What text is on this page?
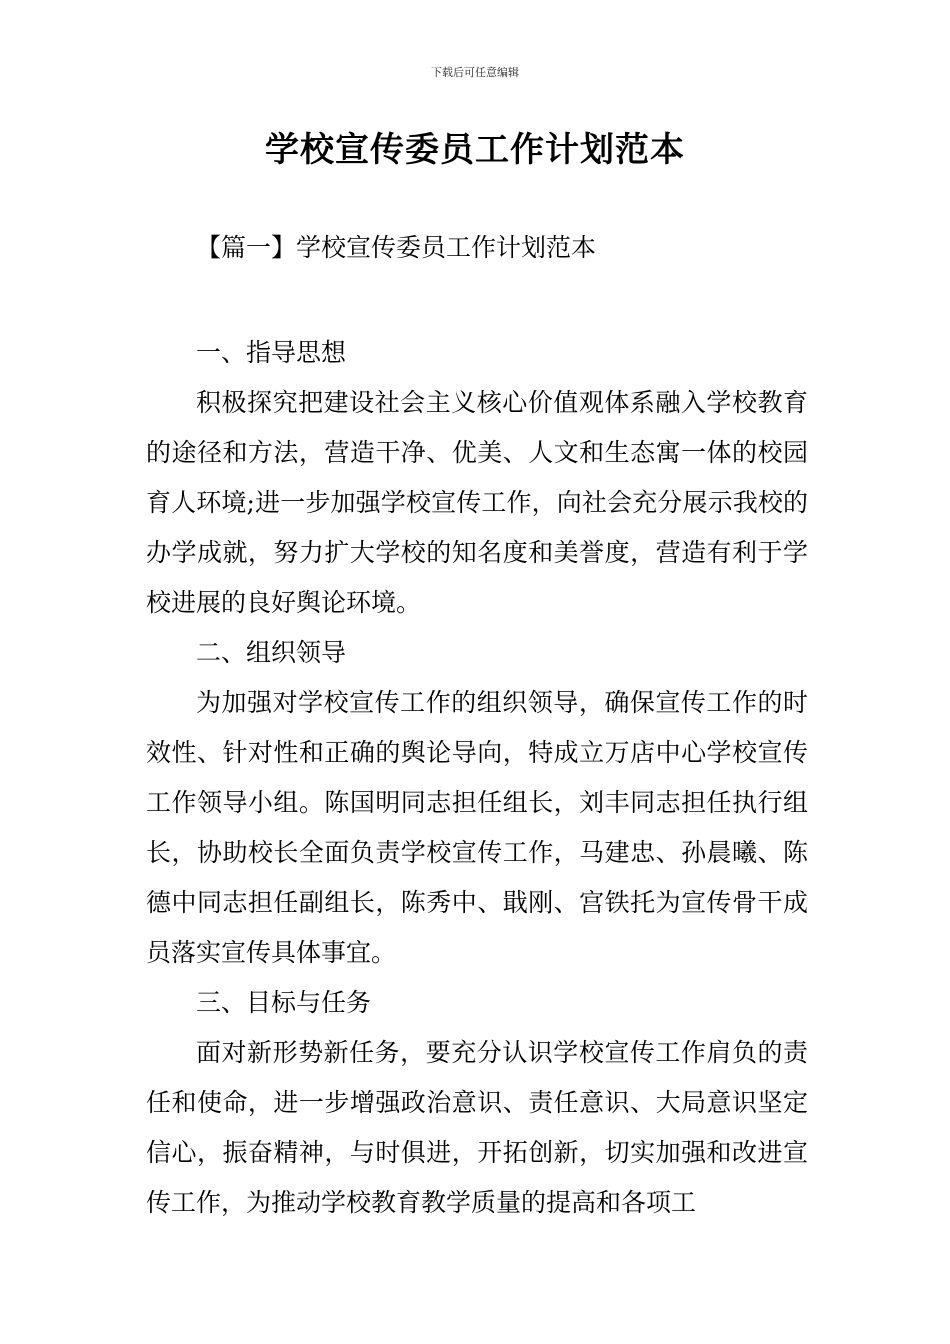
下载后可任意编辑
学校宣传委员工作计划范本
【篇一】学校宣传委员工作计划范本

一、指导思想

积极探究把建设社会主义核心价值观体系融入学校教育的途径和方法，营造干净、优美、人文和生态寓一体的校园育人环境;进一步加强学校宣传工作，向社会充分展示我校的办学成就，努力扩大学校的知名度和美誉度，营造有利于学校进展的良好舆论环境。

二、组织领导

为加强对学校宣传工作的组织领导，确保宣传工作的时效性、针对性和正确的舆论导向，特成立万店中心学校宣传工作领导小组。陈国明同志担任组长，刘丰同志担任执行组长，协助校长全面负责学校宣传工作，马建忠、孙晨曦、陈德中同志担任副组长，陈秀中、戢刚、宫铁托为宣传骨干成员落实宣传具体事宜。

三、目标与任务

面对新形势新任务，要充分认识学校宣传工作肩负的责任和使命，进一步增强政治意识、责任意识、大局意识坚定信心，振奋精神，与时俱进，开拓创新，切实加强和改进宣传工作，为推动学校教育教学质量的提高和各项工
